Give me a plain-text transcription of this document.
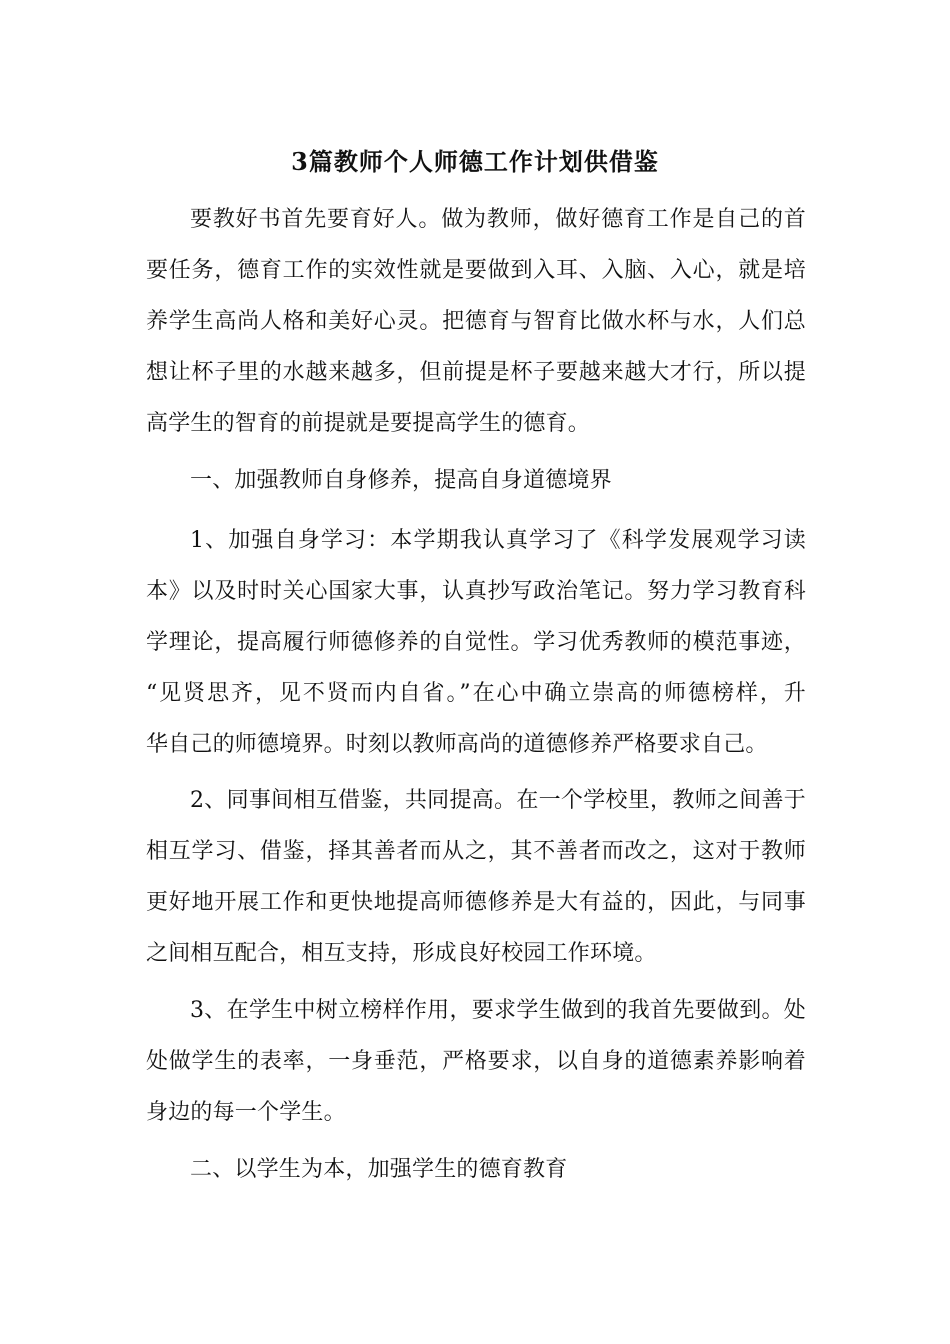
3篇教师个人师德工作计划供借鉴
要教好书首先要育好人。做为教师，做好德育工作是自己的首
要任务，德育工作的实效性就是要做到入耳、入脑、入心，就是培
养学生高尚人格和美好心灵。把德育与智育比做水杯与水，人们总
想让杯子里的水越来越多，但前提是杯子要越来越大才行，所以提
高学生的智育的前提就是要提高学生的德育。
一、加强教师自身修养，提高自身道德境界
1、加强自身学习：本学期我认真学习了《科学发展观学习读
本》以及时时关心国家大事，认真抄写政治笔记。努力学习教育科
学理论，提高履行师德修养的自觉性。学习优秀教师的模范事迹，
“见贤思齐，见不贤而内自省。”在心中确立崇高的师德榜样，升
华自己的师德境界。时刻以教师高尚的道德修养严格要求自己。
2、同事间相互借鉴，共同提高。在一个学校里，教师之间善于
相互学习、借鉴，择其善者而从之，其不善者而改之，这对于教师
更好地开展工作和更快地提高师德修养是大有益的，因此，与同事
之间相互配合，相互支持，形成良好校园工作环境。
3、在学生中树立榜样作用，要求学生做到的我首先要做到。处
处做学生的表率，一身垂范，严格要求，以自身的道德素养影响着
身边的每一个学生。
二、以学生为本，加强学生的德育教育
